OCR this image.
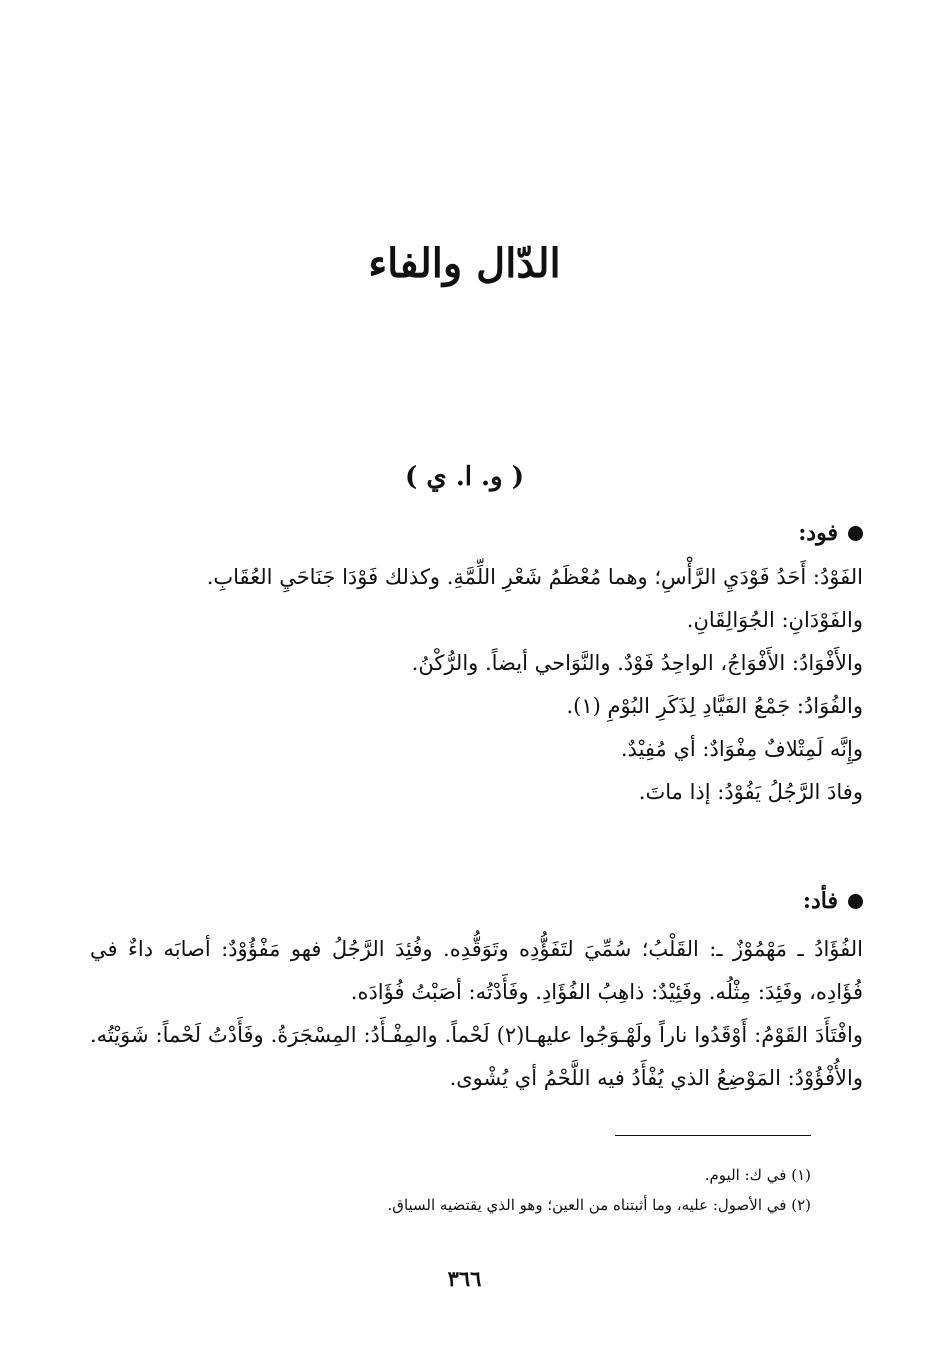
الدّال والفاء
( و. ا. ي )
فود:

الفَوْدُ: أَحَدُ فَوْدَيِ الرَّأْسِ؛ وهما مُعْظَمُ شَعْرِ اللِّمَّةِ. وكذلك فَوْدَا جَنَاحَيِ العُقَابِ.

والفَوْدَانِ: الجُوَالِقَانِ.

والأَفْوَادُ: الأَفْوَاجُ، الواحِدُ فَوْدٌ. والنَّوَاحي أيضاً. والرُّكْنُ.

والفُوَادُ: جَمْعُ الفَيَّادِ لِذَكَرِ البُوْمِ (١).

وإِنَّه لَمِتْلافٌ مِفْوَادٌ: أي مُفِيْدٌ.

وفادَ الرَّجُلُ يَفُوْدُ: إذا ماتَ.

فأد:

الفُؤَادُ ـ مَهْمُوْزٌ ـ: القَلْبُ؛ سُمِّيَ لتَفَؤُّدِه وتَوَقُّدِه. وفُئِدَ الرَّجُلُ فهو مَفْؤُوْدٌ: أصابَه داءٌ في فُؤَادِه، وفَئِدَ: مِثْلُه. وفَئِيْدٌ: ذاهِبُ الفُؤَادِ. وفَأَدْتُه: أصَبْتُ فُؤَادَه.

وافْتَأَدَ القَوْمُ: أَوْقَدُوا ناراً ولَهْـوَجُوا عليهـا(٢) لَحْماً. والمِفْـأَدُ: المِسْجَرَةُ. وفَأَدْتُ لَحْماً: شَوَيْتُه. والأُفْؤُوْدُ: المَوْضِعُ الذي يُفْأَدُ فيه اللَّحْمُ أي يُشْوى.

(١) في ك: اليوم.

(٢) في الأصول: عليه، وما أثبتناه من العين؛ وهو الذي يقتضيه السياق.

٣٦٦
